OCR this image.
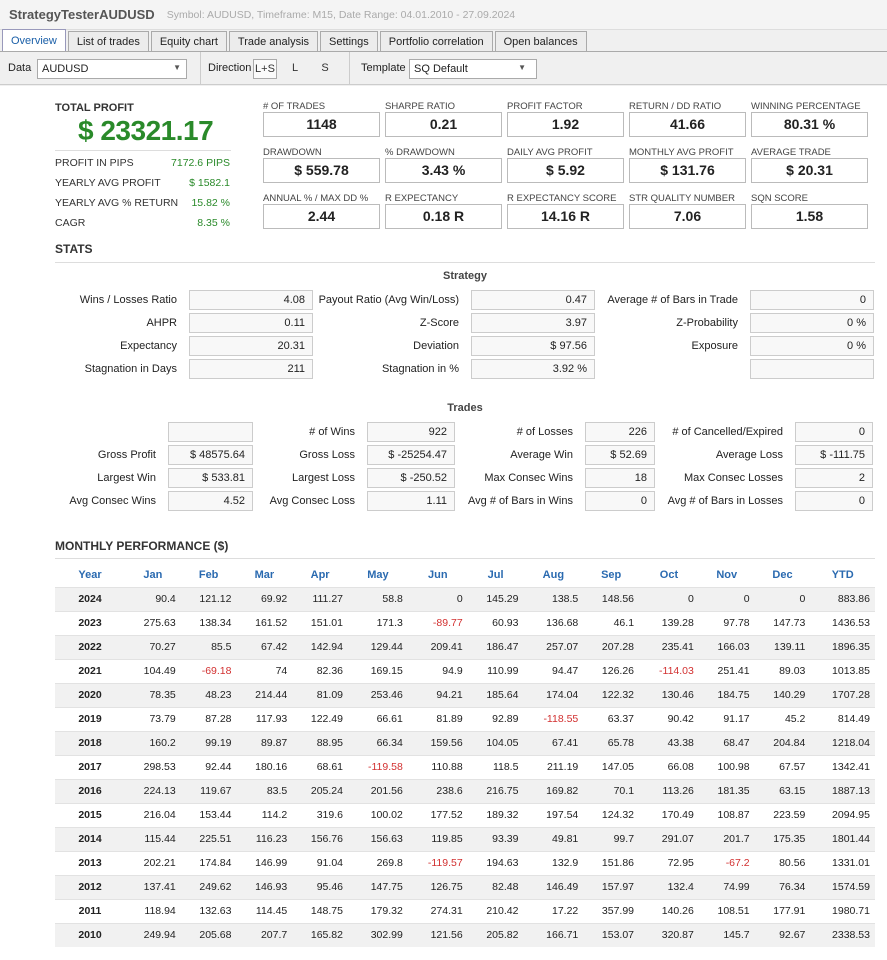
StrategyTesterAUDUSD Symbol: AUDUSD, Timeframe: M15, Date Range: 04.01.2010 - 27.09.2024
Overview	List of trades	Equity chart	Trade analysis	Settings	Portfolio correlation	Open balances
Data AUDUSD	▼ Direction L+S	L	S	Template SQ Default	▼
TOTAL PROFIT
$ 23321.17
PROFIT IN PIPS	7172.6 PIPS
YEARLY AVG PROFIT	$ 1582.1
YEARLY AVG % RETURN	15.82 %
CAGR	8.35 %
# OF TRADES
1148
SHARPE RATIO
0.21
PROFIT FACTOR
1.92
RETURN / DD RATIO
41.66
WINNING PERCENTAGE
80.31 %
DRAWDOWN
$ 559.78
% DRAWDOWN
3.43 %
DAILY AVG PROFIT
$ 5.92
MONTHLY AVG PROFIT
$ 131.76
AVERAGE TRADE
$ 20.31
ANNUAL % / MAX DD %
2.44
R EXPECTANCY
0.18 R
R EXPECTANCY SCORE
14.16 R
STR QUALITY NUMBER
7.06
SQN SCORE
1.58
STATS
Strategy
Wins / Losses Ratio	4.08	Payout Ratio (Avg Win/Loss)	0.47	Average # of Bars in Trade	0
AHPR	0.11	Z-Score	3.97	Z-Probability	0 %
Expectancy	20.31	Deviation	$ 97.56	Exposure	0 %
Stagnation in Days	211	Stagnation in %	3.92 %
Trades
# of Wins	922	# of Losses	226	# of Cancelled/Expired	0
Gross Profit	$ 48575.64	Gross Loss	$ -25254.47	Average Win	$ 52.69	Average Loss	$ -111.75
Largest Win	$ 533.81	Largest Loss	$ -250.52	Max Consec Wins	18	Max Consec Losses	2
Avg Consec Wins	4.52	Avg Consec Loss	1.11	Avg # of Bars in Wins	0	Avg # of Bars in Losses	0
MONTHLY PERFORMANCE ($)
Year	Jan	Feb	Mar	Apr	May	Jun	Jul	Aug	Sep	Oct	Nov	Dec	YTD
2024	90.4	121.12	69.92	111.27	58.8	0	145.29	138.5	148.56	0	0	0	883.86
2023	275.63	138.34	161.52	151.01	171.3	-89.77	60.93	136.68	46.1	139.28	97.78	147.73	1436.53
2022	70.27	85.5	67.42	142.94	129.44	209.41	186.47	257.07	207.28	235.41	166.03	139.11	1896.35
2021	104.49	-69.18	74	82.36	169.15	94.9	110.99	94.47	126.26	-114.03	251.41	89.03	1013.85
2020	78.35	48.23	214.44	81.09	253.46	94.21	185.64	174.04	122.32	130.46	184.75	140.29	1707.28
2019	73.79	87.28	117.93	122.49	66.61	81.89	92.89	-118.55	63.37	90.42	91.17	45.2	814.49
2018	160.2	99.19	89.87	88.95	66.34	159.56	104.05	67.41	65.78	43.38	68.47	204.84	1218.04
2017	298.53	92.44	180.16	68.61	-119.58	110.88	118.5	211.19	147.05	66.08	100.98	67.57	1342.41
2016	224.13	119.67	83.5	205.24	201.56	238.6	216.75	169.82	70.1	113.26	181.35	63.15	1887.13
2015	216.04	153.44	114.2	319.6	100.02	177.52	189.32	197.54	124.32	170.49	108.87	223.59	2094.95
2014	115.44	225.51	116.23	156.76	156.63	119.85	93.39	49.81	99.7	291.07	201.7	175.35	1801.44
2013	202.21	174.84	146.99	91.04	269.8	-119.57	194.63	132.9	151.86	72.95	-67.2	80.56	1331.01
2012	137.41	249.62	146.93	95.46	147.75	126.75	82.48	146.49	157.97	132.4	74.99	76.34	1574.59
2011	118.94	132.63	114.45	148.75	179.32	274.31	210.42	17.22	357.99	140.26	108.51	177.91	1980.71
2010	249.94	205.68	207.7	165.82	302.99	121.56	205.82	166.71	153.07	320.87	145.7	92.67	2338.53
